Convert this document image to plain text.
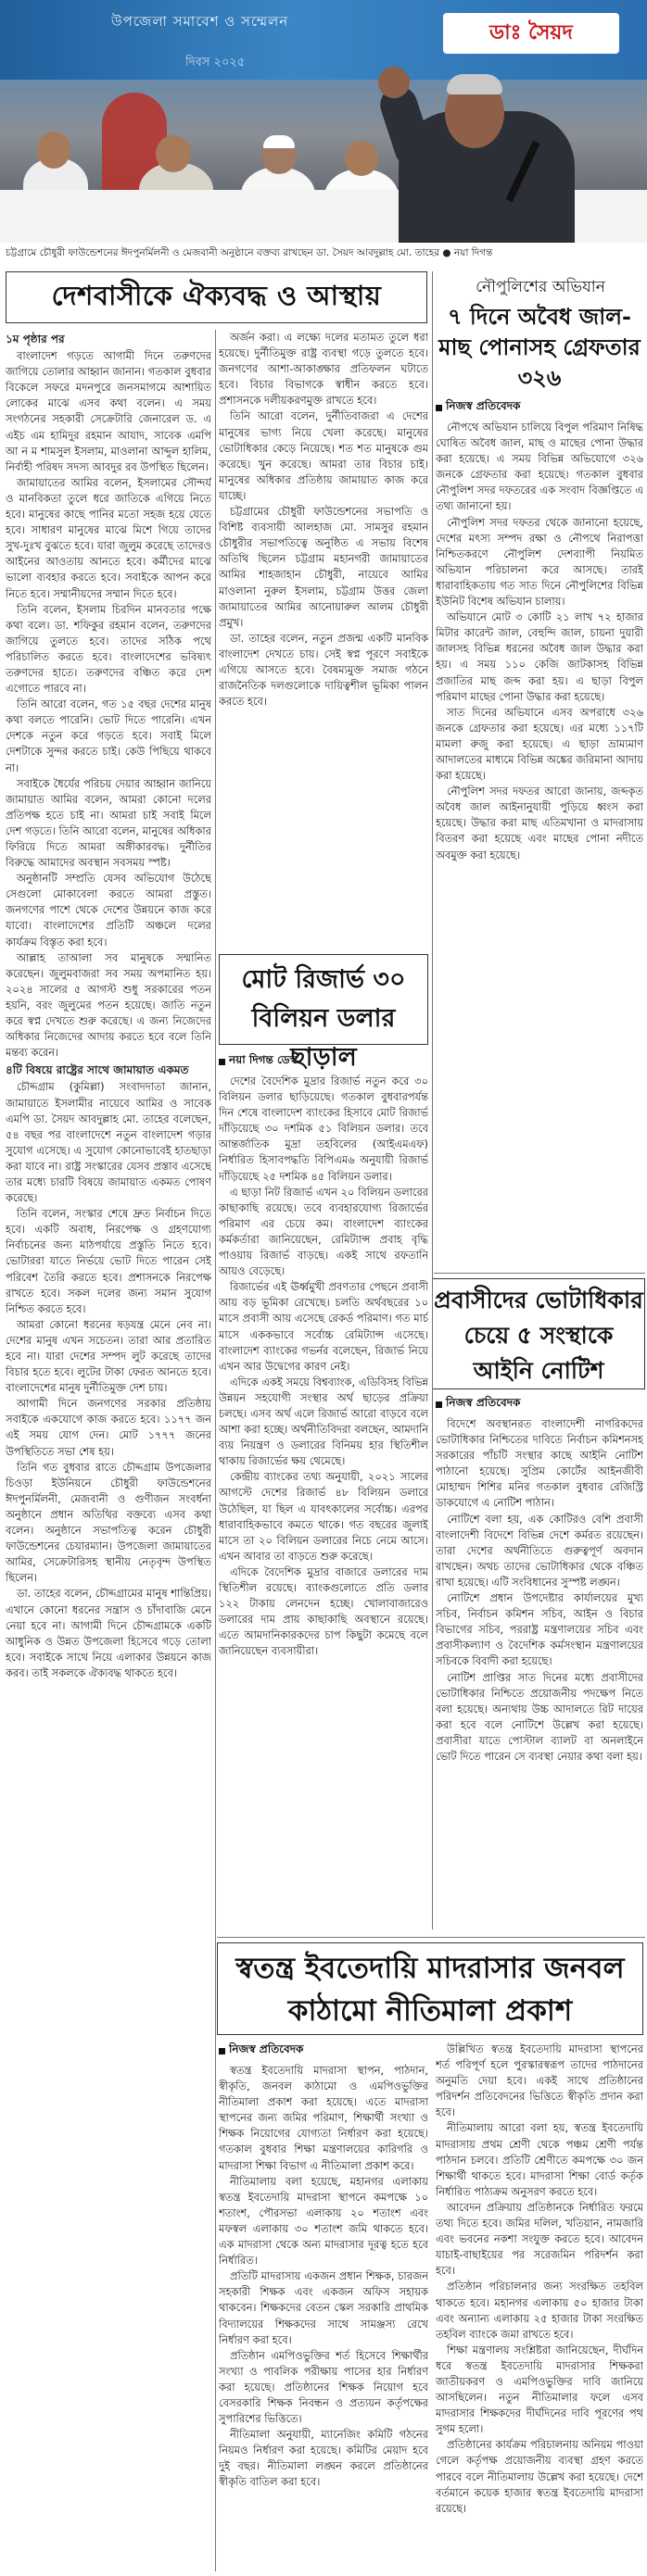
উপজেলা সমাবেশ ও সম্মেলন
দিবস ২০২৫
ডাঃ সৈয়দ
চট্টগ্রামে চৌধুরী ফাউন্ডেশনের ঈদপুনর্মিলনী ও মেজবানী অনুষ্ঠানে বক্তব্য রাখছেন ডা. সৈয়দ আবদুল্লাহ মো. তাহের ● নয়া দিগন্ত
দেশবাসীকে ঐক্যবদ্ধ ও আস্থায়
১ম পৃষ্ঠার পর

বাংলাদেশ গড়তে আগামী দিনে তরুণদের জাগিয়ে তোলার আহ্বান জানান। গতকাল বুধবার বিকেলে সফরে মদনপুরে জনসমাগমে আশায়িত লোকের মাঝে এসব কথা বলেন। এ সময় সংগঠনের সহকারী সেক্রেটারি জেনারেল ড. এ এইচ এম হামিদুর রহমান আযাদ, সাবেক এমপি আ ন ম শামসুল ইসলাম, মাওলানা আব্দুল হালিম, নির্বাহী পরিষদ সদস্য আবদুর রব উপস্থিত ছিলেন।

জামায়াতের আমির বলেন, ইসলামের সৌন্দর্য ও মানবিকতা তুলে ধরে জাতিকে এগিয়ে নিতে হবে। মানুষের কাছে পানির মতো সহজ হয়ে যেতে হবে। সাধারণ মানুষের মাঝে মিশে গিয়ে তাদের সুখ-দুঃখ বুঝতে হবে। যারা জুলুম করেছে তাদেরও আইনের আওতায় আনতে হবে। কর্মীদের মাঝে ভালো ব্যবহার করতে হবে। সবাইকে আপন করে নিতে হবে। সম্মানীয়দের সম্মান দিতে হবে।

তিনি বলেন, ইসলাম চিরদিন মানবতার পক্ষে কথা বলে। ডা. শফিকুর রহমান বলেন, তরুণদের জাগিয়ে তুলতে হবে। তাদের সঠিক পথে পরিচালিত করতে হবে। বাংলাদেশের ভবিষ্যৎ তরুণদের হাতে। তরুণদের বঞ্চিত করে দেশ এগোতে পারবে না।

তিনি আরো বলেন, গত ১৫ বছর দেশের মানুষ কথা বলতে পারেনি। ভোট দিতে পারেনি। এখন দেশকে নতুন করে গড়তে হবে। সবাই মিলে দেশটাকে সুন্দর করতে চাই। কেউ পিছিয়ে থাকবে না।

সবাইকে ধৈর্যের পরিচয় দেয়ার আহ্বান জানিয়ে জামায়াত আমির বলেন, আমরা কোনো দলের প্রতিপক্ষ হতে চাই না। আমরা চাই সবাই মিলে দেশ গড়তে। তিনি আরো বলেন, মানুষের অধিকার ফিরিয়ে দিতে আমরা অঙ্গীকারবদ্ধ। দুর্নীতির বিরুদ্ধে আমাদের অবস্থান সবসময় স্পষ্ট।

অনুষ্ঠানটি সম্প্রতি যেসব অভিযোগ উঠেছে সেগুলো মোকাবেলা করতে আমরা প্রস্তুত। জনগণের পাশে থেকে দেশের উন্নয়নে কাজ করে যাবো। বাংলাদেশের প্রতিটি অঞ্চলে দলের কার্যক্রম বিস্তৃত করা হবে।

আল্লাহ তাআলা সব মানুষকে সম্মানিত করেছেন। জুলুমবাজরা সব সময় অপমানিত হয়। ২০২৪ সালের ৫ আগস্ট শুধু সরকারের পতন হয়নি, বরং জুলুমের পতন হয়েছে। জাতি নতুন করে স্বপ্ন দেখতে শুরু করেছে। এ জন্য নিজেদের অধিকার নিজেদের আদায় করতে হবে বলে তিনি মন্তব্য করেন।

৪টি বিষয়ে রাষ্ট্রের সাথে জামায়াত একমত

চৌদ্দগ্রাম (কুমিল্লা) সংবাদদাতা জানান, জামায়াতে ইসলামীর নায়েবে আমির ও সাবেক এমপি ডা. সৈয়দ আবদুল্লাহ মো. তাহের বলেছেন, ৫৪ বছর পর বাংলাদেশে নতুন বাংলাদেশ গড়ার সুযোগ এসেছে। এ সুযোগ কোনোভাবেই হাতছাড়া করা যাবে না। রাষ্ট্র সংস্কারের যেসব প্রস্তাব এসেছে তার মধ্যে চারটি বিষয়ে জামায়াত একমত পোষণ করেছে।

তিনি বলেন, সংস্কার শেষে দ্রুত নির্বাচন দিতে হবে। একটি অবাধ, নিরপেক্ষ ও গ্রহণযোগ্য নির্বাচনের জন্য মাঠপর্যায়ে প্রস্তুতি নিতে হবে। ভোটাররা যাতে নির্ভয়ে ভোট দিতে পারেন সেই পরিবেশ তৈরি করতে হবে। প্রশাসনকে নিরপেক্ষ রাখতে হবে। সকল দলের জন্য সমান সুযোগ নিশ্চিত করতে হবে।

আমরা কোনো ধরনের ষড়যন্ত্র মেনে নেব না। দেশের মানুষ এখন সচেতন। তারা আর প্রতারিত হবে না। যারা দেশের সম্পদ লুট করেছে তাদের বিচার হতে হবে। লুটের টাকা ফেরত আনতে হবে। বাংলাদেশের মানুষ দুর্নীতিমুক্ত দেশ চায়।

আগামী দিনে জনগণের সরকার প্রতিষ্ঠায় সবাইকে একযোগে কাজ করতে হবে। ১১৭৭ জন এই সময় যোগ দেন। মোট ১৭৭৭ জনের উপস্থিতিতে সভা শেষ হয়।

তিনি গত বুধবার রাতে চৌদ্দগ্রাম উপজেলার চিওড়া ইউনিয়নে চৌধুরী ফাউন্ডেশনের ঈদপুনর্মিলনী, মেজবানী ও গুণীজন সংবর্ধনা অনুষ্ঠানে প্রধান অতিথির বক্তব্যে এসব কথা বলেন। অনুষ্ঠানে সভাপতিত্ব করেন চৌধুরী ফাউন্ডেশনের চেয়ারম্যান। উপজেলা জামায়াতের আমির, সেক্রেটারিসহ স্থানীয় নেতৃবৃন্দ উপস্থিত ছিলেন।

ডা. তাহের বলেন, চৌদ্দগ্রামের মানুষ শান্তিপ্রিয়। এখানে কোনো ধরনের সন্ত্রাস ও চাঁদাবাজি মেনে নেয়া হবে না। আগামী দিনে চৌদ্দগ্রামকে একটি আধুনিক ও উন্নত উপজেলা হিসেবে গড়ে তোলা হবে। সবাইকে সাথে নিয়ে এলাকার উন্নয়নে কাজ করব। তাই সকলকে ঐক্যবদ্ধ থাকতে হবে।

অর্জন করা। এ লক্ষ্যে দলের মতামত তুলে ধরা হয়েছে। দুর্নীতিমুক্ত রাষ্ট্র ব্যবস্থা গড়ে তুলতে হবে। জনগণের আশা-আকাঙ্ক্ষার প্রতিফলন ঘটাতে হবে। বিচার বিভাগকে স্বাধীন করতে হবে। প্রশাসনকে দলীয়করণমুক্ত রাখতে হবে।

তিনি আরো বলেন, দুর্নীতিবাজরা এ দেশের মানুষের ভাগ্য নিয়ে খেলা করেছে। মানুষের ভোটাধিকার কেড়ে নিয়েছে। শত শত মানুষকে গুম করেছে। খুন করেছে। আমরা তার বিচার চাই। মানুষের অধিকার প্রতিষ্ঠায় জামায়াত কাজ করে যাচ্ছে।

চট্টগ্রামের চৌধুরী ফাউন্ডেশনের সভাপতি ও বিশিষ্ট ব্যবসায়ী আলহাজ মো. সামসুর রহমান চৌধুরীর সভাপতিত্বে অনুষ্ঠিত এ সভায় বিশেষ অতিথি ছিলেন চট্টগ্রাম মহানগরী জামায়াতের আমির শাহজাহান চৌধুরী, নায়েবে আমির মাওলানা নুরুল ইসলাম, চট্টগ্রাম উত্তর জেলা জামায়াতের আমির আনোয়ারুল আলম চৌধুরী প্রমুখ।

ডা. তাহের বলেন, নতুন প্রজন্ম একটি মানবিক বাংলাদেশ দেখতে চায়। সেই স্বপ্ন পূরণে সবাইকে এগিয়ে আসতে হবে। বৈষম্যমুক্ত সমাজ গঠনে রাজনৈতিক দলগুলোকে দায়িত্বশীল ভূমিকা পালন করতে হবে।

মোট রিজার্ভ ৩০ বিলিয়ন ডলার ছাড়াল
নয়া দিগন্ত ডেস্ক

দেশের বৈদেশিক মুদ্রার রিজার্ভ নতুন করে ৩০ বিলিয়ন ডলার ছাড়িয়েছে। গতকাল বুধবারপর্যন্ত দিন শেষে বাংলাদেশ ব্যাংকের হিসাবে মোট রিজার্ভ দাঁড়িয়েছে ৩০ দশমিক ৫১ বিলিয়ন ডলার। তবে আন্তর্জাতিক মুদ্রা তহবিলের (আইএমএফ) নির্ধারিত হিসাবপদ্ধতি বিপিএম৬ অনুযায়ী রিজার্ভ দাঁড়িয়েছে ২৫ দশমিক ৪৫ বিলিয়ন ডলার।

এ ছাড়া নিট রিজার্ভ এখন ২০ বিলিয়ন ডলারের কাছাকাছি রয়েছে। তবে ব্যবহারযোগ্য রিজার্ভের পরিমাণ এর চেয়ে কম। বাংলাদেশ ব্যাংকের কর্মকর্তারা জানিয়েছেন, রেমিট্যান্স প্রবাহ বৃদ্ধি পাওয়ায় রিজার্ভ বাড়ছে। একই সাথে রফতানি আয়ও বেড়েছে।

রিজার্ভের এই ঊর্ধ্বমুখী প্রবণতার পেছনে প্রবাসী আয় বড় ভূমিকা রেখেছে। চলতি অর্থবছরের ১০ মাসে প্রবাসী আয় এসেছে রেকর্ড পরিমাণ। গত মার্চ মাসে এককভাবে সর্বোচ্চ রেমিট্যান্স এসেছে। বাংলাদেশ ব্যাংকের গভর্নর বলেছেন, রিজার্ভ নিয়ে এখন আর উদ্বেগের কারণ নেই।

এদিকে একই সময়ে বিশ্বব্যাংক, এডিবিসহ বিভিন্ন উন্নয়ন সহযোগী সংস্থার অর্থ ছাড়ের প্রক্রিয়া চলছে। এসব অর্থ এলে রিজার্ভ আরো বাড়বে বলে আশা করা হচ্ছে। অর্থনীতিবিদরা বলছেন, আমদানি ব্যয় নিয়ন্ত্রণ ও ডলারের বিনিময় হার স্থিতিশীল থাকায় রিজার্ভের ক্ষয় থেমেছে।

কেন্দ্রীয় ব্যাংকের তথ্য অনুযায়ী, ২০২১ সালের আগস্টে দেশের রিজার্ভ ৪৮ বিলিয়ন ডলারে উঠেছিল, যা ছিল এ যাবৎকালের সর্বোচ্চ। এরপর ধারাবাহিকভাবে কমতে থাকে। গত বছরের জুলাই মাসে তা ২০ বিলিয়ন ডলারের নিচে নেমে আসে। এখন আবার তা বাড়তে শুরু করেছে।

এদিকে বৈদেশিক মুদ্রার বাজারে ডলারের দাম স্থিতিশীল রয়েছে। ব্যাংকগুলোতে প্রতি ডলার ১২২ টাকায় লেনদেন হচ্ছে। খোলাবাজারেও ডলারের দাম প্রায় কাছাকাছি অবস্থানে রয়েছে। এতে আমদানিকারকদের চাপ কিছুটা কমেছে বলে জানিয়েছেন ব্যবসায়ীরা।

নৌপুলিশের অভিযান
৭ দিনে অবৈধ জাল-মাছ পোনাসহ গ্রেফতার ৩২৬
নিজস্ব প্রতিবেদক

নৌপথে অভিযান চালিয়ে বিপুল পরিমাণ নিষিদ্ধ ঘোষিত অবৈধ জাল, মাছ ও মাছের পোনা উদ্ধার করা হয়েছে। এ সময় বিভিন্ন অভিযোগে ৩২৬ জনকে গ্রেফতার করা হয়েছে। গতকাল বুধবার নৌপুলিশ সদর দফতরের এক সংবাদ বিজ্ঞপ্তিতে এ তথ্য জানানো হয়।

নৌপুলিশ সদর দফতর থেকে জানানো হয়েছে, দেশের মৎস্য সম্পদ রক্ষা ও নৌপথে নিরাপত্তা নিশ্চিতকরণে নৌপুলিশ দেশব্যাপী নিয়মিত অভিযান পরিচালনা করে আসছে। তারই ধারাবাহিকতায় গত সাত দিনে নৌপুলিশের বিভিন্ন ইউনিট বিশেষ অভিযান চালায়।

অভিযানে মোট ৩ কোটি ২১ লাখ ৭২ হাজার মিটার কারেন্ট জাল, বেহুন্দি জাল, চায়না দুয়ারী জালসহ বিভিন্ন ধরনের অবৈধ জাল উদ্ধার করা হয়। এ সময় ১১০ কেজি জাটকাসহ বিভিন্ন প্রজাতির মাছ জব্দ করা হয়। এ ছাড়া বিপুল পরিমাণ মাছের পোনা উদ্ধার করা হয়েছে।

সাত দিনের অভিযানে এসব অপরাধে ৩২৬ জনকে গ্রেফতার করা হয়েছে। এর মধ্যে ১১৭টি মামলা রুজু করা হয়েছে। এ ছাড়া ভ্রাম্যমাণ আদালতের মাধ্যমে বিভিন্ন অঙ্কের জরিমানা আদায় করা হয়েছে।

নৌপুলিশ সদর দফতর আরো জানায়, জব্দকৃত অবৈধ জাল আইনানুযায়ী পুড়িয়ে ধ্বংস করা হয়েছে। উদ্ধার করা মাছ এতিমখানা ও মাদরাসায় বিতরণ করা হয়েছে এবং মাছের পোনা নদীতে অবমুক্ত করা হয়েছে।

প্রবাসীদের ভোটাধিকার চেয়ে ৫ সংস্থাকে আইনি নোটিশ
নিজস্ব প্রতিবেদক

বিদেশে অবস্থানরত বাংলাদেশী নাগরিকদের ভোটাধিকার নিশ্চিতের দাবিতে নির্বাচন কমিশনসহ সরকারের পাঁচটি সংস্থার কাছে আইনি নোটিশ পাঠানো হয়েছে। সুপ্রিম কোর্টের আইনজীবী মোহাম্মদ শিশির মনির গতকাল বুধবার রেজিস্ট্রি ডাকযোগে এ নোটিশ পাঠান।

নোটিশে বলা হয়, এক কোটিরও বেশি প্রবাসী বাংলাদেশী বিদেশে বিভিন্ন দেশে কর্মরত রয়েছেন। তারা দেশের অর্থনীতিতে গুরুত্বপূর্ণ অবদান রাখছেন। অথচ তাদের ভোটাধিকার থেকে বঞ্চিত রাখা হয়েছে। এটি সংবিধানের সুস্পষ্ট লঙ্ঘন।

নোটিশে প্রধান উপদেষ্টার কার্যালয়ের মুখ্য সচিব, নির্বাচন কমিশন সচিব, আইন ও বিচার বিভাগের সচিব, পররাষ্ট্র মন্ত্রণালয়ের সচিব এবং প্রবাসীকল্যাণ ও বৈদেশিক কর্মসংস্থান মন্ত্রণালয়ের সচিবকে বিবাদী করা হয়েছে।

নোটিশ প্রাপ্তির সাত দিনের মধ্যে প্রবাসীদের ভোটাধিকার নিশ্চিতে প্রয়োজনীয় পদক্ষেপ নিতে বলা হয়েছে। অন্যথায় উচ্চ আদালতে রিট দায়ের করা হবে বলে নোটিশে উল্লেখ করা হয়েছে। প্রবাসীরা যাতে পোস্টাল ব্যালট বা অনলাইনে ভোট দিতে পারেন সে ব্যবস্থা নেয়ার কথা বলা হয়।

স্বতন্ত্র ইবতেদায়ি মাদরাসার জনবল কাঠামো নীতিমালা প্রকাশ
নিজস্ব প্রতিবেদক

স্বতন্ত্র ইবতেদায়ি মাদরাসা স্থাপন, পাঠদান, স্বীকৃতি, জনবল কাঠামো ও এমপিওভুক্তির নীতিমালা প্রকাশ করা হয়েছে। এতে মাদরাসা স্থাপনের জন্য জমির পরিমাণ, শিক্ষার্থী সংখ্যা ও শিক্ষক নিয়োগের যোগ্যতা নির্ধারণ করা হয়েছে। গতকাল বুধবার শিক্ষা মন্ত্রণালয়ের কারিগরি ও মাদরাসা শিক্ষা বিভাগ এ নীতিমালা প্রকাশ করে।

নীতিমালায় বলা হয়েছে, মহানগর এলাকায় স্বতন্ত্র ইবতেদায়ি মাদরাসা স্থাপনে কমপক্ষে ১০ শতাংশ, পৌরসভা এলাকায় ২০ শতাংশ এবং মফস্বল এলাকায় ৩০ শতাংশ জমি থাকতে হবে। এক মাদরাসা থেকে অন্য মাদরাসার দূরত্ব হতে হবে নির্ধারিত।

প্রতিটি মাদরাসায় একজন প্রধান শিক্ষক, চারজন সহকারী শিক্ষক এবং একজন অফিস সহায়ক থাকবেন। শিক্ষকদের বেতন স্কেল সরকারি প্রাথমিক বিদ্যালয়ের শিক্ষকদের সাথে সামঞ্জস্য রেখে নির্ধারণ করা হবে।

প্রতিষ্ঠান এমপিওভুক্তির শর্ত হিসেবে শিক্ষার্থীর সংখ্যা ও পাবলিক পরীক্ষায় পাসের হার নির্ধারণ করা হয়েছে। প্রতিষ্ঠানের শিক্ষক নিয়োগ হবে বেসরকারি শিক্ষক নিবন্ধন ও প্রত্যয়ন কর্তৃপক্ষের সুপারিশের ভিত্তিতে।

নীতিমালা অনুযায়ী, ম্যানেজিং কমিটি গঠনের নিয়মও নির্ধারণ করা হয়েছে। কমিটির মেয়াদ হবে দুই বছর। নীতিমালা লঙ্ঘন করলে প্রতিষ্ঠানের স্বীকৃতি বাতিল করা হবে।

উল্লিখিত স্বতন্ত্র ইবতেদায়ি মাদরাসা স্থাপনের শর্ত পরিপূর্ণ হলে পুরস্কারস্বরূপ তাদের পাঠদানের অনুমতি দেয়া হবে। একই সাথে প্রতিষ্ঠানের পরিদর্শন প্রতিবেদনের ভিত্তিতে স্বীকৃতি প্রদান করা হবে।

নীতিমালায় আরো বলা হয়, স্বতন্ত্র ইবতেদায়ি মাদরাসায় প্রথম শ্রেণী থেকে পঞ্চম শ্রেণী পর্যন্ত পাঠদান চলবে। প্রতিটি শ্রেণীতে কমপক্ষে ৩০ জন শিক্ষার্থী থাকতে হবে। মাদরাসা শিক্ষা বোর্ড কর্তৃক নির্ধারিত পাঠ্যক্রম অনুসরণ করতে হবে।

আবেদন প্রক্রিয়ায় প্রতিষ্ঠানকে নির্ধারিত ফরমে তথ্য দিতে হবে। জমির দলিল, খতিয়ান, নামজারি এবং ভবনের নকশা সংযুক্ত করতে হবে। আবেদন যাচাই-বাছাইয়ের পর সরেজমিন পরিদর্শন করা হবে।

প্রতিষ্ঠান পরিচালনার জন্য সংরক্ষিত তহবিল থাকতে হবে। মহানগর এলাকায় ৫০ হাজার টাকা এবং অন্যান্য এলাকায় ২৫ হাজার টাকা সংরক্ষিত তহবিল ব্যাংকে জমা রাখতে হবে।

শিক্ষা মন্ত্রণালয় সংশ্লিষ্টরা জানিয়েছেন, দীর্ঘদিন ধরে স্বতন্ত্র ইবতেদায়ি মাদরাসার শিক্ষকরা জাতীয়করণ ও এমপিওভুক্তির দাবি জানিয়ে আসছিলেন। নতুন নীতিমালার ফলে এসব মাদরাসার শিক্ষকদের দীর্ঘদিনের দাবি পূরণের পথ সুগম হলো।

প্রতিষ্ঠানের কার্যক্রম পরিচালনায় অনিয়ম পাওয়া গেলে কর্তৃপক্ষ প্রয়োজনীয় ব্যবস্থা গ্রহণ করতে পারবে বলে নীতিমালায় উল্লেখ করা হয়েছে। দেশে বর্তমানে কয়েক হাজার স্বতন্ত্র ইবতেদায়ি মাদরাসা রয়েছে।
